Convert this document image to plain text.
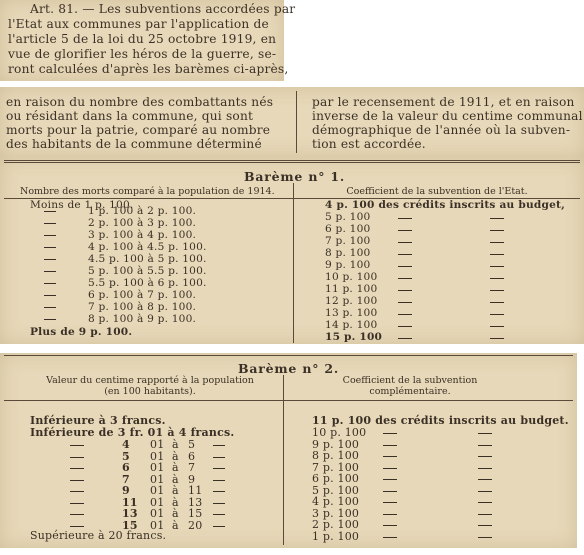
Art. 81. — Les subventions accordées par
l'Etat aux communes par l'application de
l'article 5 de la loi du 25 octobre 1919, en
vue de glorifier les héros de la guerre, se-
ront calculées d'après les barèmes ci-après,
en raison du nombre des combattants nés
ou résidant dans la commune, qui sont
morts pour la patrie, comparé au nombre
des habitants de la commune déterminé
par le recensement de 1911, et en raison
inverse de la valeur du centime communal
démographique de l'année où la subven-
tion est accordée.
Barème n° 1.
Nombre des morts comparé à la population de 1914.	Coefficient de la subvention de l'Etat.
Moins de 1 p. 100.
1 p. 100 à 2 p. 100.
2 p. 100 à 3 p. 100.
3 p. 100 à 4 p. 100.
4 p. 100 à 4.5 p. 100.
4.5 p. 100 à 5 p. 100.
5 p. 100 à 5.5 p. 100.
5.5 p. 100 à 6 p. 100.
6 p. 100 à 7 p. 100.
7 p. 100 à 8 p. 100.
8 p. 100 à 9 p. 100.
Plus de 9 p. 100.
4 p. 100 des crédits inscrits au budget,
5 p. 100
6 p. 100
7 p. 100
8 p. 100
9 p. 100
10 p. 100
11 p. 100
12 p. 100
13 p. 100
14 p. 100
15 p. 100
Barème n° 2.
Valeur du centime rapporté à la population
(en 100 habitants).
Coefficient de la subvention
complémentaire.
Inférieure à 3 francs.
Inférieure de 3 fr. 01 à 4 francs.
4 01 à 5
5 01 à 6
6 01 à 7
7 01 à 9
9 01 à 11
11 01 à 13
13 01 à 15
15 01 à 20
Supérieure à 20 francs.
11 p. 100 des crédits inscrits au budget.
10 p. 100
9 p. 100
8 p. 100
7 p. 100
6 p. 100
5 p. 100
4 p. 100
3 p. 100
2 p. 100
1 p. 100
